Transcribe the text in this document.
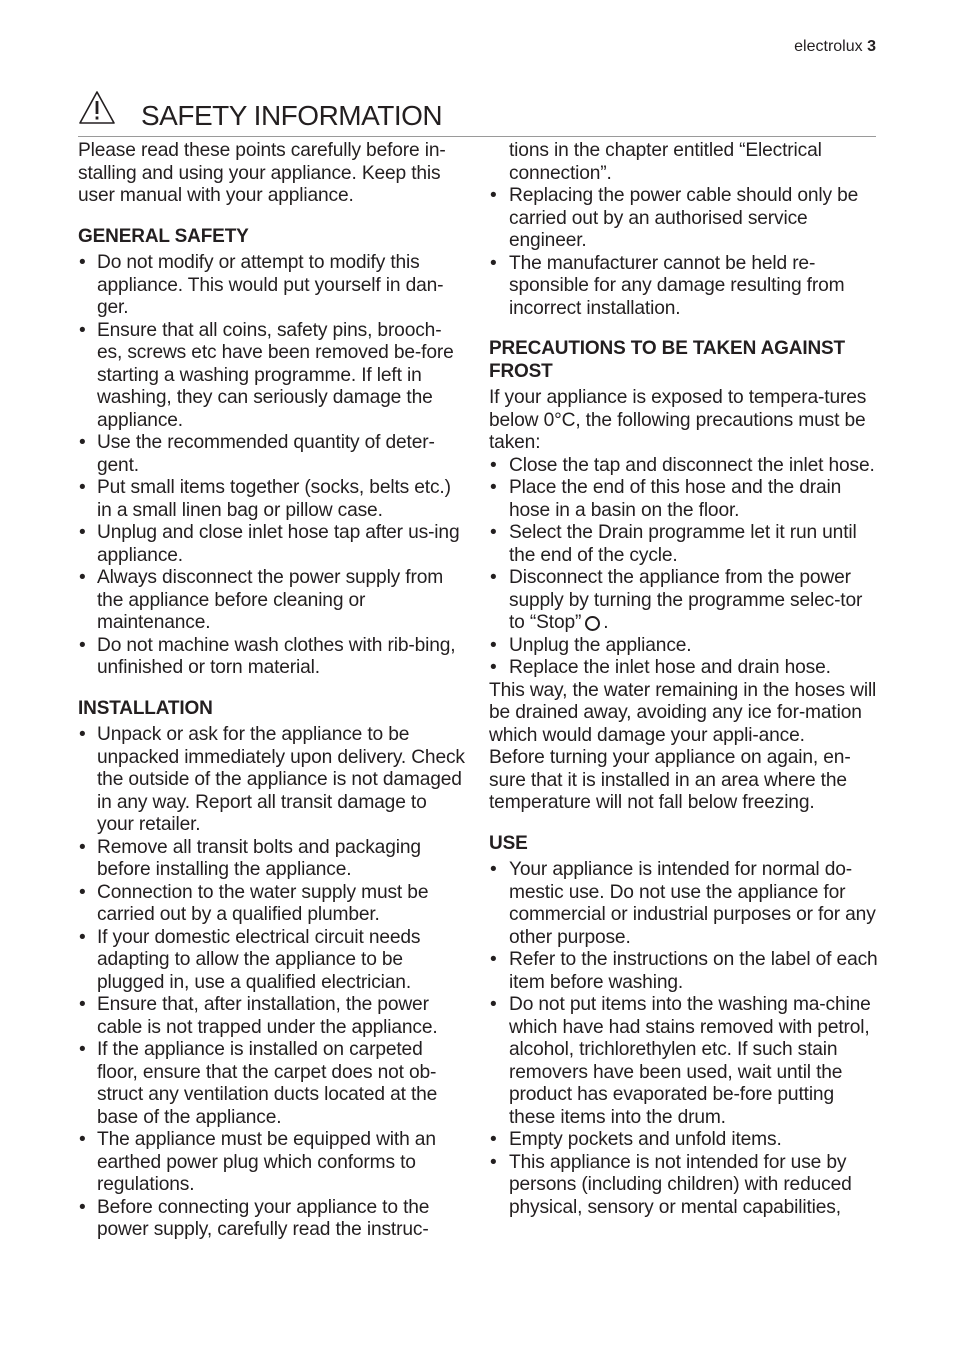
electrolux 3
SAFETY INFORMATION

Please read these points carefully before in-stalling and using your appliance. Keep this user manual with your appliance.

GENERAL SAFETY
• Do not modify or attempt to modify this appliance. This would put yourself in dan-ger.
• Ensure that all coins, safety pins, brooch-es, screws etc have been removed be-fore starting a washing programme. If left in washing, they can seriously damage the appliance.
• Use the recommended quantity of deter-gent.
• Put small items together (socks, belts etc.) in a small linen bag or pillow case.
• Unplug and close inlet hose tap after us-ing appliance.
• Always disconnect the power supply from the appliance before cleaning or maintenance.
• Do not machine wash clothes with rib-bing, unfinished or torn material.
INSTALLATION
• Unpack or ask for the appliance to be unpacked immediately upon delivery. Check the outside of the appliance is not damaged in any way. Report all transit damage to your retailer.
• Remove all transit bolts and packaging before installing the appliance.
• Connection to the water supply must be carried out by a qualified plumber.
• If your domestic electrical circuit needs adapting to allow the appliance to be plugged in, use a qualified electrician.
• Ensure that, after installation, the power cable is not trapped under the appliance.
• If the appliance is installed on carpeted floor, ensure that the carpet does not ob-struct any ventilation ducts located at the base of the appliance.
• The appliance must be equipped with an earthed power plug which conforms to regulations.
• Before connecting your appliance to the power supply, carefully read the instruc-

tions in the chapter entitled “Electrical connection”.

• Replacing the power cable should only be carried out by an authorised service engineer.
• The manufacturer cannot be held re-sponsible for any damage resulting from incorrect installation.
PRECAUTIONS TO BE TAKEN AGAINST FROST

If your appliance is exposed to tempera-tures below 0°C, the following precautions must be taken:

• Close the tap and disconnect the inlet hose.
• Place the end of this hose and the drain hose in a basin on the floor.
• Select the Drain programme let it run until the end of the cycle.
• Disconnect the appliance from the power supply by turning the programme selec-tor to “Stop” .
• Unplug the appliance.
• Replace the inlet hose and drain hose.

This way, the water remaining in the hoses will be drained away, avoiding any ice for-mation which would damage your appli-ance.

Before turning your appliance on again, en-sure that it is installed in an area where the temperature will not fall below freezing.

USE
• Your appliance is intended for normal do-mestic use. Do not use the appliance for commercial or industrial purposes or for any other purpose.
• Refer to the instructions on the label of each item before washing.
• Do not put items into the washing ma-chine which have had stains removed with petrol, alcohol, trichlorethylen etc. If such stain removers have been used, wait until the product has evaporated be-fore putting these items into the drum.
• Empty pockets and unfold items.
• This appliance is not intended for use by persons (including children) with reduced physical, sensory or mental capabilities,
